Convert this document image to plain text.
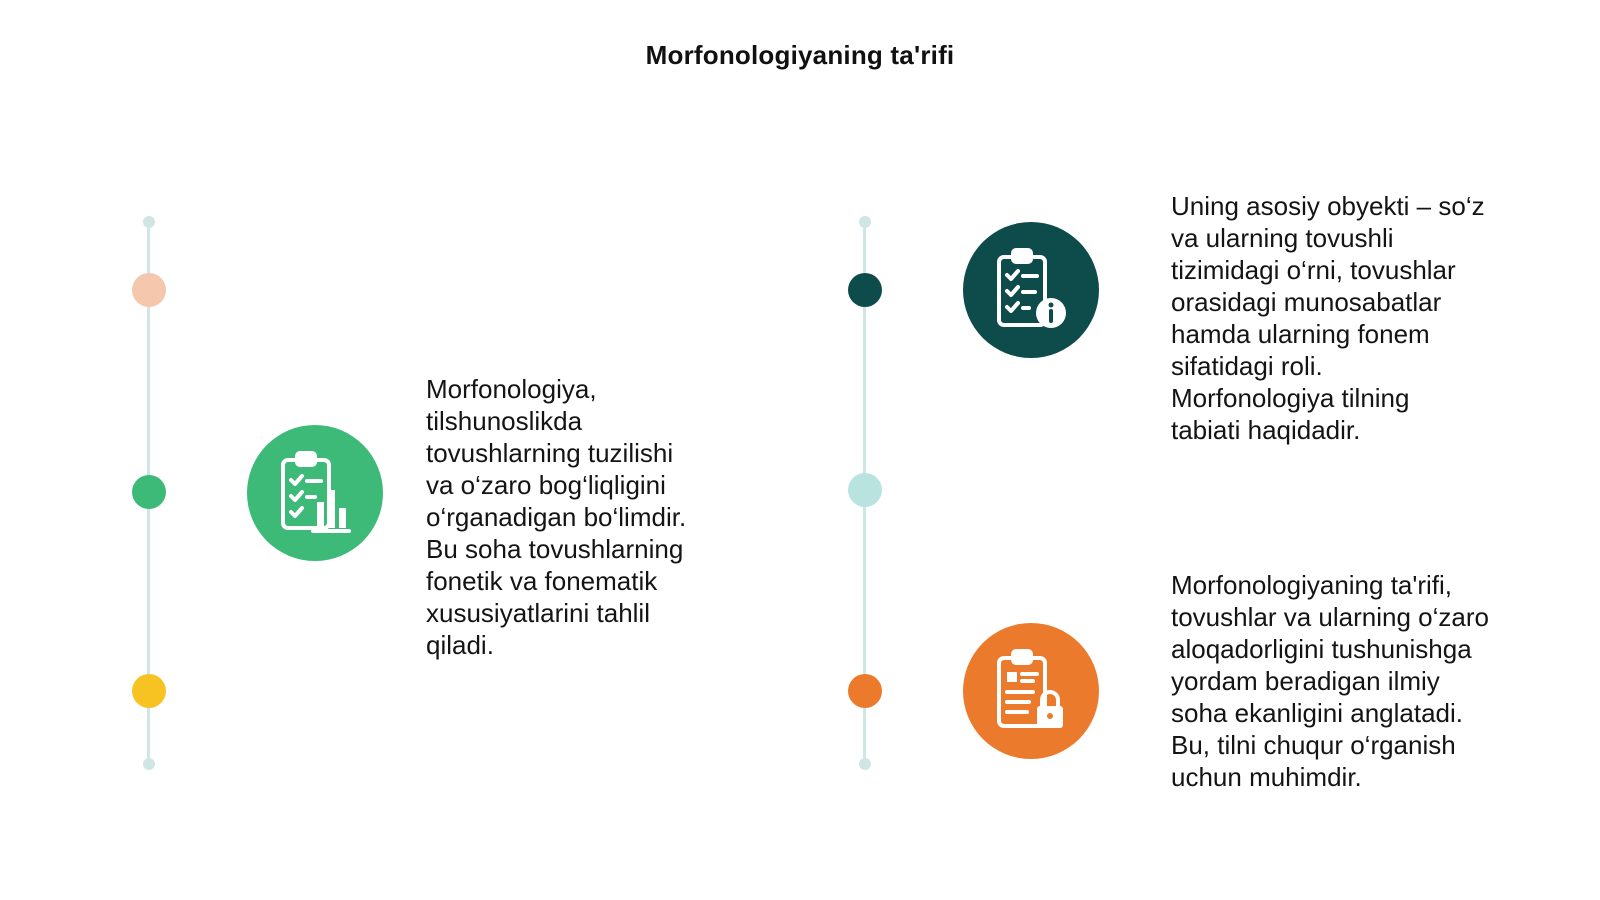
Morfonologiyaning ta'rifi
Morfonologiya,
tilshunoslikda
tovushlarning tuzilishi
va o‘zaro bog‘liqligini
o‘rganadigan bo‘limdir.
Bu soha tovushlarning
fonetik va fonematik
xususiyatlarini tahlil
qiladi.
Uning asosiy obyekti – so‘z
va ularning tovushli
tizimidagi o‘rni, tovushlar
orasidagi munosabatlar
hamda ularning fonem
sifatidagi roli.
Morfonologiya tilning
tabiati haqidadir.
Morfonologiyaning ta'rifi,
tovushlar va ularning o‘zaro
aloqadorligini tushunishga
yordam beradigan ilmiy
soha ekanligini anglatadi.
Bu, tilni chuqur o‘rganish
uchun muhimdir.
